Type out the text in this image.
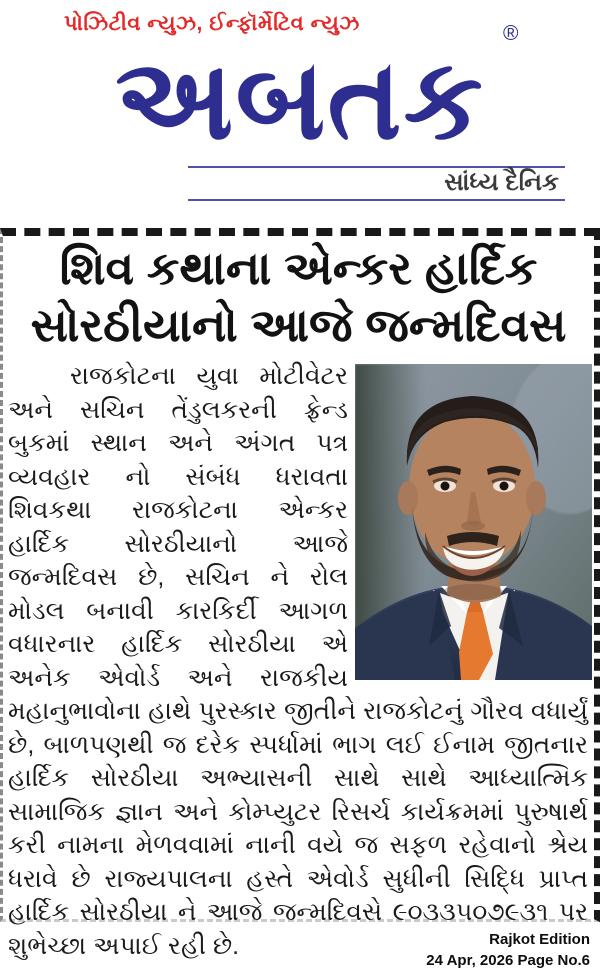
પોઝિટીવ ન્યુઝ, ઈન્ફૉર્મેટિવ ન્યુઝ	®
અબતક
સાંધ્ય દૈનિક
શિવ કથાના એન્કર હાર્દિક
સોરઠીયાનો આજે જન્મદિવસ

રાજકોટના યુવા મોટીવેટર અને સચિન તેંડુલકરની ફ્રેન્ડ બુકમાં સ્થાન અને અંગત પત્ર વ્યવહાર નો સંબંધ ધરાવતા શિવકથા રાજકોટના એન્કર હાર્દિક સોરઠીયાનો આજે જન્મદિવસ છે, સચિન ને રોલ મોડલ બનાવી કારકિર્દી આગળ વધારનાર હાર્દિક સોરઠીયા એ અનેક એવોર્ડ અને રાજકીય મહાનુભાવોના હાથે પુરસ્કાર જીતીને રાજકોટનું ગૌરવ વધાર્યું છે, બાળપણથી જ દરેક સ્પર્ધામાં ભાગ લઈ ઈનામ જીતનાર હાર્દિક સોરઠીયા અભ્યાસની સાથે સાથે આધ્યાત્મિક સામાજિક જ્ઞાન અને કોમ્પ્યુટર રિસર્ચ કાર્યક્રમમાં પુરુષાર્થ કરી નામના મેળવવામાં નાની વયે જ સફળ રહેવાનો શ્રેય ધરાવે છે રાજ્યપાલના હસ્તે એવોર્ડ સુધીની સિદ્ધિ પ્રાપ્ત હાર્દિક સોરઠીયા ને આજે જન્મદિવસે ૯૦૩૩૫૦૭૯૩૧ પર શુભેચ્છા અપાઈ રહી છે.	Rajkot Edition
24 Apr, 2026 Page No.6
